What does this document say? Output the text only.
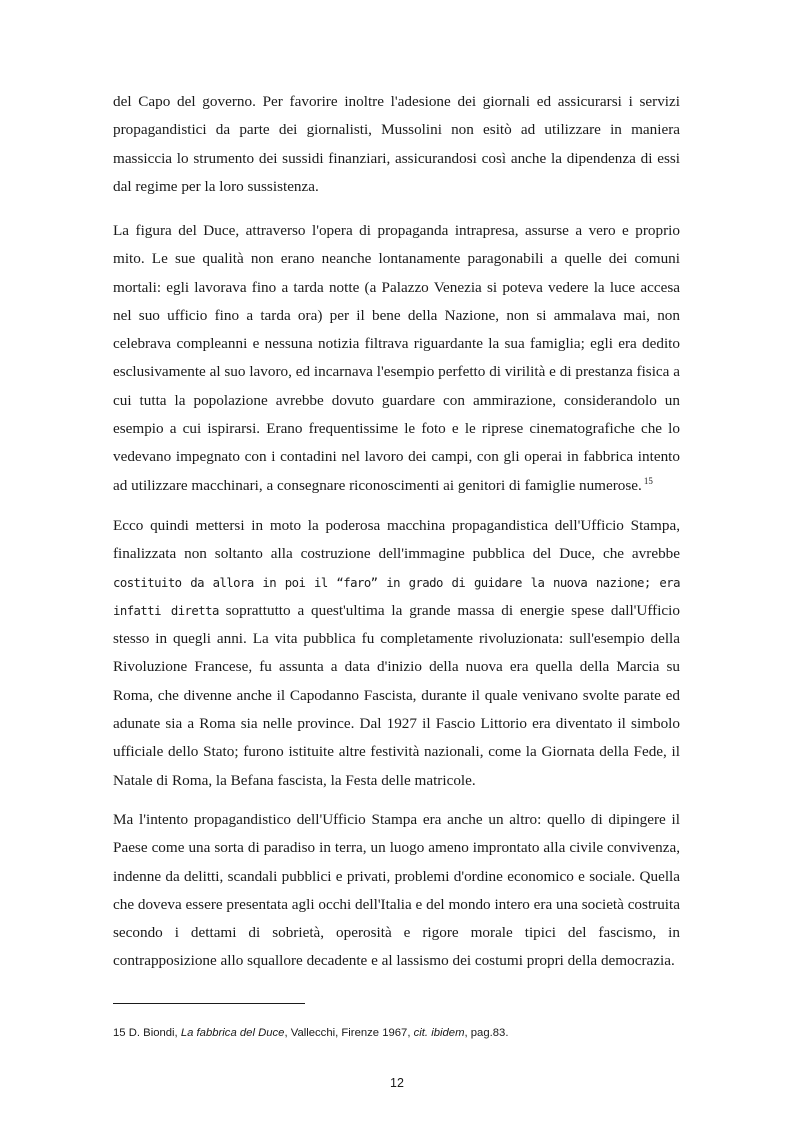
del Capo del governo. Per favorire inoltre l'adesione dei giornali ed assicurarsi i servizi propagandistici da parte dei giornalisti, Mussolini non esitò ad utilizzare in maniera massiccia lo strumento dei sussidi finanziari, assicurandosi così anche la dipendenza di essi dal regime per la loro sussistenza.

La figura del Duce, attraverso l'opera di propaganda intrapresa, assurse a vero e proprio mito. Le sue qualità non erano neanche lontanamente paragonabili a quelle dei comuni mortali: egli lavorava fino a tarda notte (a Palazzo Venezia si poteva vedere la luce accesa nel suo ufficio fino a tarda ora) per il bene della Nazione, non si ammalava mai, non celebrava compleanni e nessuna notizia filtrava riguardante la sua famiglia; egli era dedito esclusivamente al suo lavoro, ed incarnava l'esempio perfetto di virilità e di prestanza fisica a cui tutta la popolazione avrebbe dovuto guardare con ammirazione, considerandolo un esempio a cui ispirarsi. Erano frequentissime le foto e le riprese cinematografiche che lo vedevano impegnato con i contadini nel lavoro dei campi, con gli operai in fabbrica intento ad utilizzare macchinari, a consegnare riconoscimenti ai genitori di famiglie numerose. $^{15}$

Ecco quindi mettersi in moto la poderosa macchina propagandistica dell'Ufficio Stampa, finalizzata non soltanto alla costruzione dell'immagine pubblica del Duce, che avrebbe costituito da allora in poi il “faro” in grado di guidare la nuova nazione; era infatti diretta soprattutto a quest'ultima la grande massa di energie spese dall'Ufficio stesso in quegli anni. La vita pubblica fu completamente rivoluzionata: sull'esempio della Rivoluzione Francese, fu assunta a data d'inizio della nuova era quella della Marcia su Roma, che divenne anche il Capodanno Fascista, durante il quale venivano svolte parate ed adunate sia a Roma sia nelle province. Dal 1927 il Fascio Littorio era diventato il simbolo ufficiale dello Stato; furono istituite altre festività nazionali, come la Giornata della Fede, il Natale di Roma, la Befana fascista, la Festa delle matricole.

Ma l'intento propagandistico dell'Ufficio Stampa era anche un altro: quello di dipingere il Paese come una sorta di paradiso in terra, un luogo ameno improntato alla civile convivenza, indenne da delitti, scandali pubblici e privati, problemi d'ordine economico e sociale. Quella che doveva essere presentata agli occhi dell'Italia e del mondo intero era una società costruita secondo i dettami di sobrietà, operosità e rigore morale tipici del fascismo, in contrapposizione allo squallore decadente e al lassismo dei costumi propri della democrazia.

15 D. Biondi, La fabbrica del Duce, Vallecchi, Firenze 1967, cit. ibidem, pag.83.

12
